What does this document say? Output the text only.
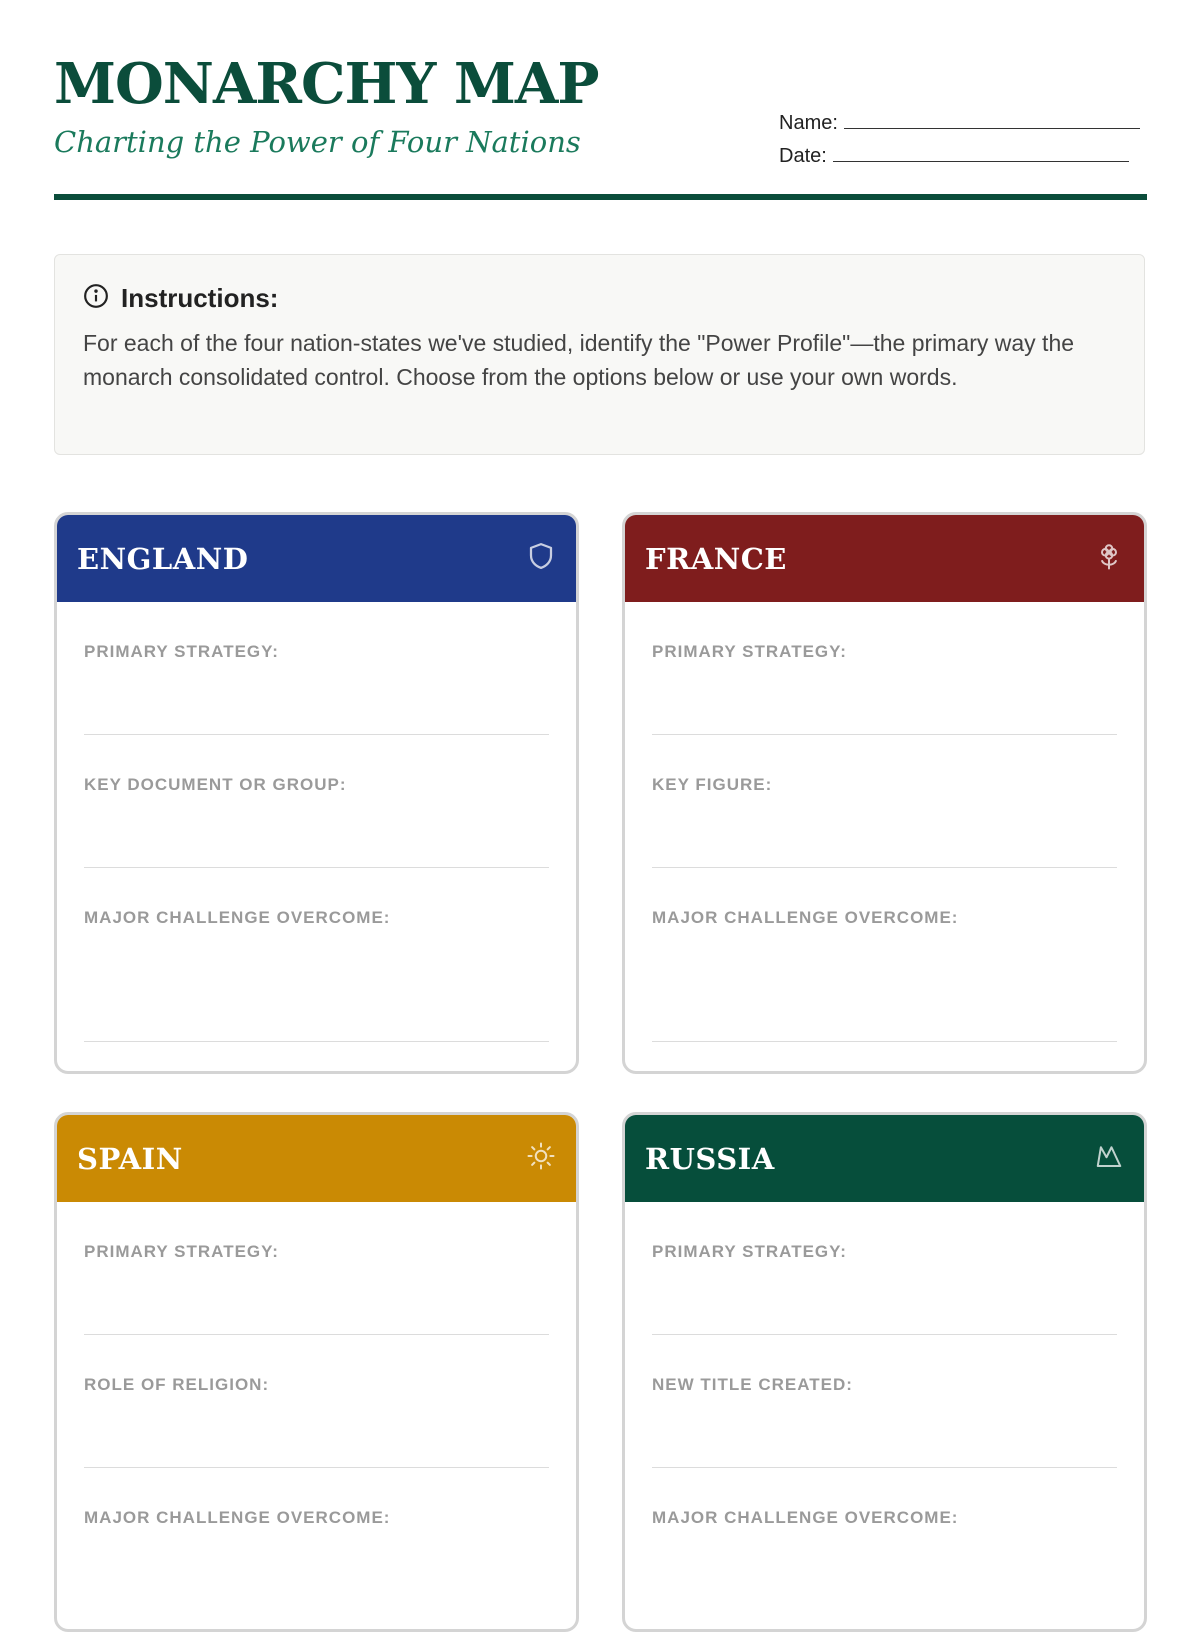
MONARCHY MAP

Charting the Power of Four Nations

Name:
Date:
Instructions:
For each of the four nation-states we've studied, identify the "Power Profile"—the primary way the monarch consolidated control. Choose from the options below or use your own words.
ENGLAND
PRIMARY STRATEGY:
KEY DOCUMENT OR GROUP:
MAJOR CHALLENGE OVERCOME:
FRANCE
PRIMARY STRATEGY:
KEY FIGURE:
MAJOR CHALLENGE OVERCOME:
SPAIN
PRIMARY STRATEGY:
ROLE OF RELIGION:
MAJOR CHALLENGE OVERCOME:
RUSSIA
PRIMARY STRATEGY:
NEW TITLE CREATED:
MAJOR CHALLENGE OVERCOME:
